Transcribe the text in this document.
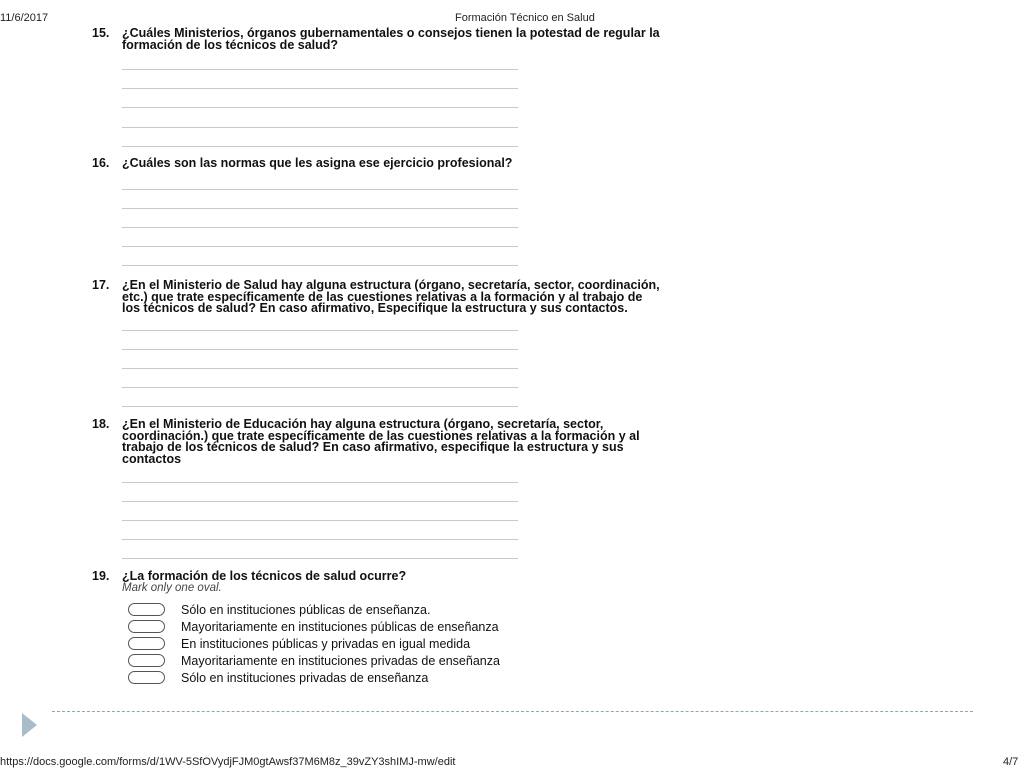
11/6/2017	Formación Técnico en Salud
15. ¿Cuáles Ministerios, órganos gubernamentales o consejos tienen la potestad de regular la
formación de los técnicos de salud?
16. ¿Cuáles son las normas que les asigna ese ejercicio profesional?
17. ¿En el Ministerio de Salud hay alguna estructura (órgano, secretaría, sector, coordinación,
etc.) que trate específicamente de las cuestiones relativas a la formación y al trabajo de
los técnicos de salud? En caso afirmativo, Especifique la estructura y sus contactos.
18. ¿En el Ministerio de Educación hay alguna estructura (órgano, secretaría, sector,
coordinación.) que trate específicamente de las cuestiones relativas a la formación y al
trabajo de los técnicos de salud? En caso afirmativo, especifique la estructura y sus
contactos
19. ¿La formación de los técnicos de salud ocurre?
Mark only one oval.
Sólo en instituciones públicas de enseñanza.
Mayoritariamente en instituciones públicas de enseñanza
En instituciones públicas y privadas en igual medida
Mayoritariamente en instituciones privadas de enseñanza
Sólo en instituciones privadas de enseñanza
https://docs.google.com/forms/d/1WV-5SfOVydjFJM0gtAwsf37M6M8z_39vZY3shIMJ-mw/edit	4/7
